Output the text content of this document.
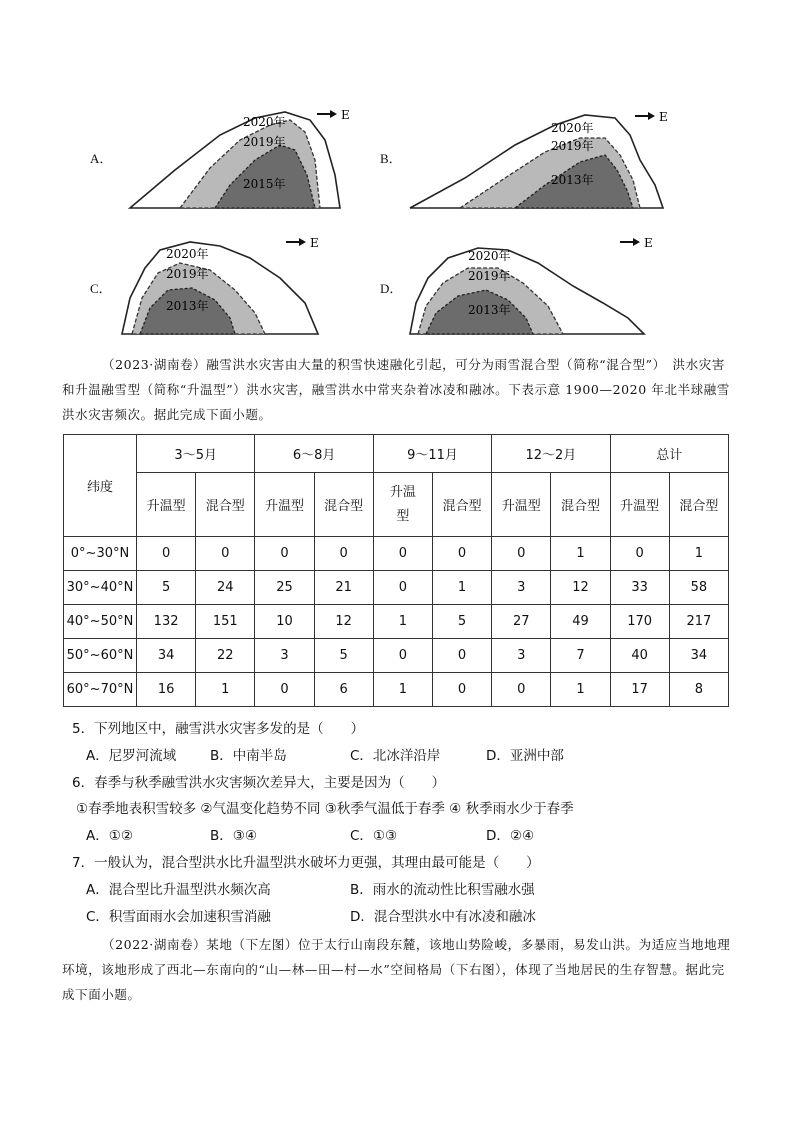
A．
2020年
2019年
2015年
E
B．
2020年
2019年
2013年
E
C．
2020年
2019年
2013年
E
D．
2020年
2019年
2013年
E
（2023·湖南卷）融雪洪水灾害由大量的积雪快速融化引起，可分为雨雪混合型（简称“混合型”）　洪水灾害和升温融雪型（简称“升温型”）洪水灾害，融雪洪水中常夹杂着冰凌和融冰。下表示意 1900—2020 年北半球融雪洪水灾害频次。据此完成下面小题。
纬度	3～5月		6～8月		9～11月		12～2月		总计	
	升温型	混合型	升温型	混合型	升温型	混合型	升温型	混合型	升温型	混合型
0°~30°N	0	0	0	0	0	0	0	1	0	1
30°~40°N	5	24	25	21	0	1	3	12	33	58
40°~50°N	132	151	10	12	1	5	27	49	170	217
50°~60°N	34	22	3	5	0	0	3	7	40	34
60°~70°N	16	1	0	6	1	0	0	1	17	8
5．下列地区中，融雪洪水灾害多发的是（　　）
A．尼罗河流域	B．中南半岛	C．北冰洋沿岸	D．亚洲中部
6．春季与秋季融雪洪水灾害频次差异大，主要是因为（　　）
①春季地表积雪较多 ②气温变化趋势不同 ③秋季气温低于春季 ④ 秋季雨水少于春季
A．①②	B．③④	C．①③	D．②④
7．一般认为，混合型洪水比升温型洪水破坏力更强，其理由最可能是（　　）
A．混合型比升温型洪水频次高	B．雨水的流动性比积雪融水强
C．积雪面雨水会加速积雪消融	D．混合型洪水中有冰凌和融冰
（2022·湖南卷）某地（下左图）位于太行山南段东麓，该地山势险峻，多暴雨，易发山洪。为适应当地地理环境，该地形成了西北—东南向的“山—林—田—村—水”空间格局（下右图），体现了当地居民的生存智慧。据此完成下面小题。
